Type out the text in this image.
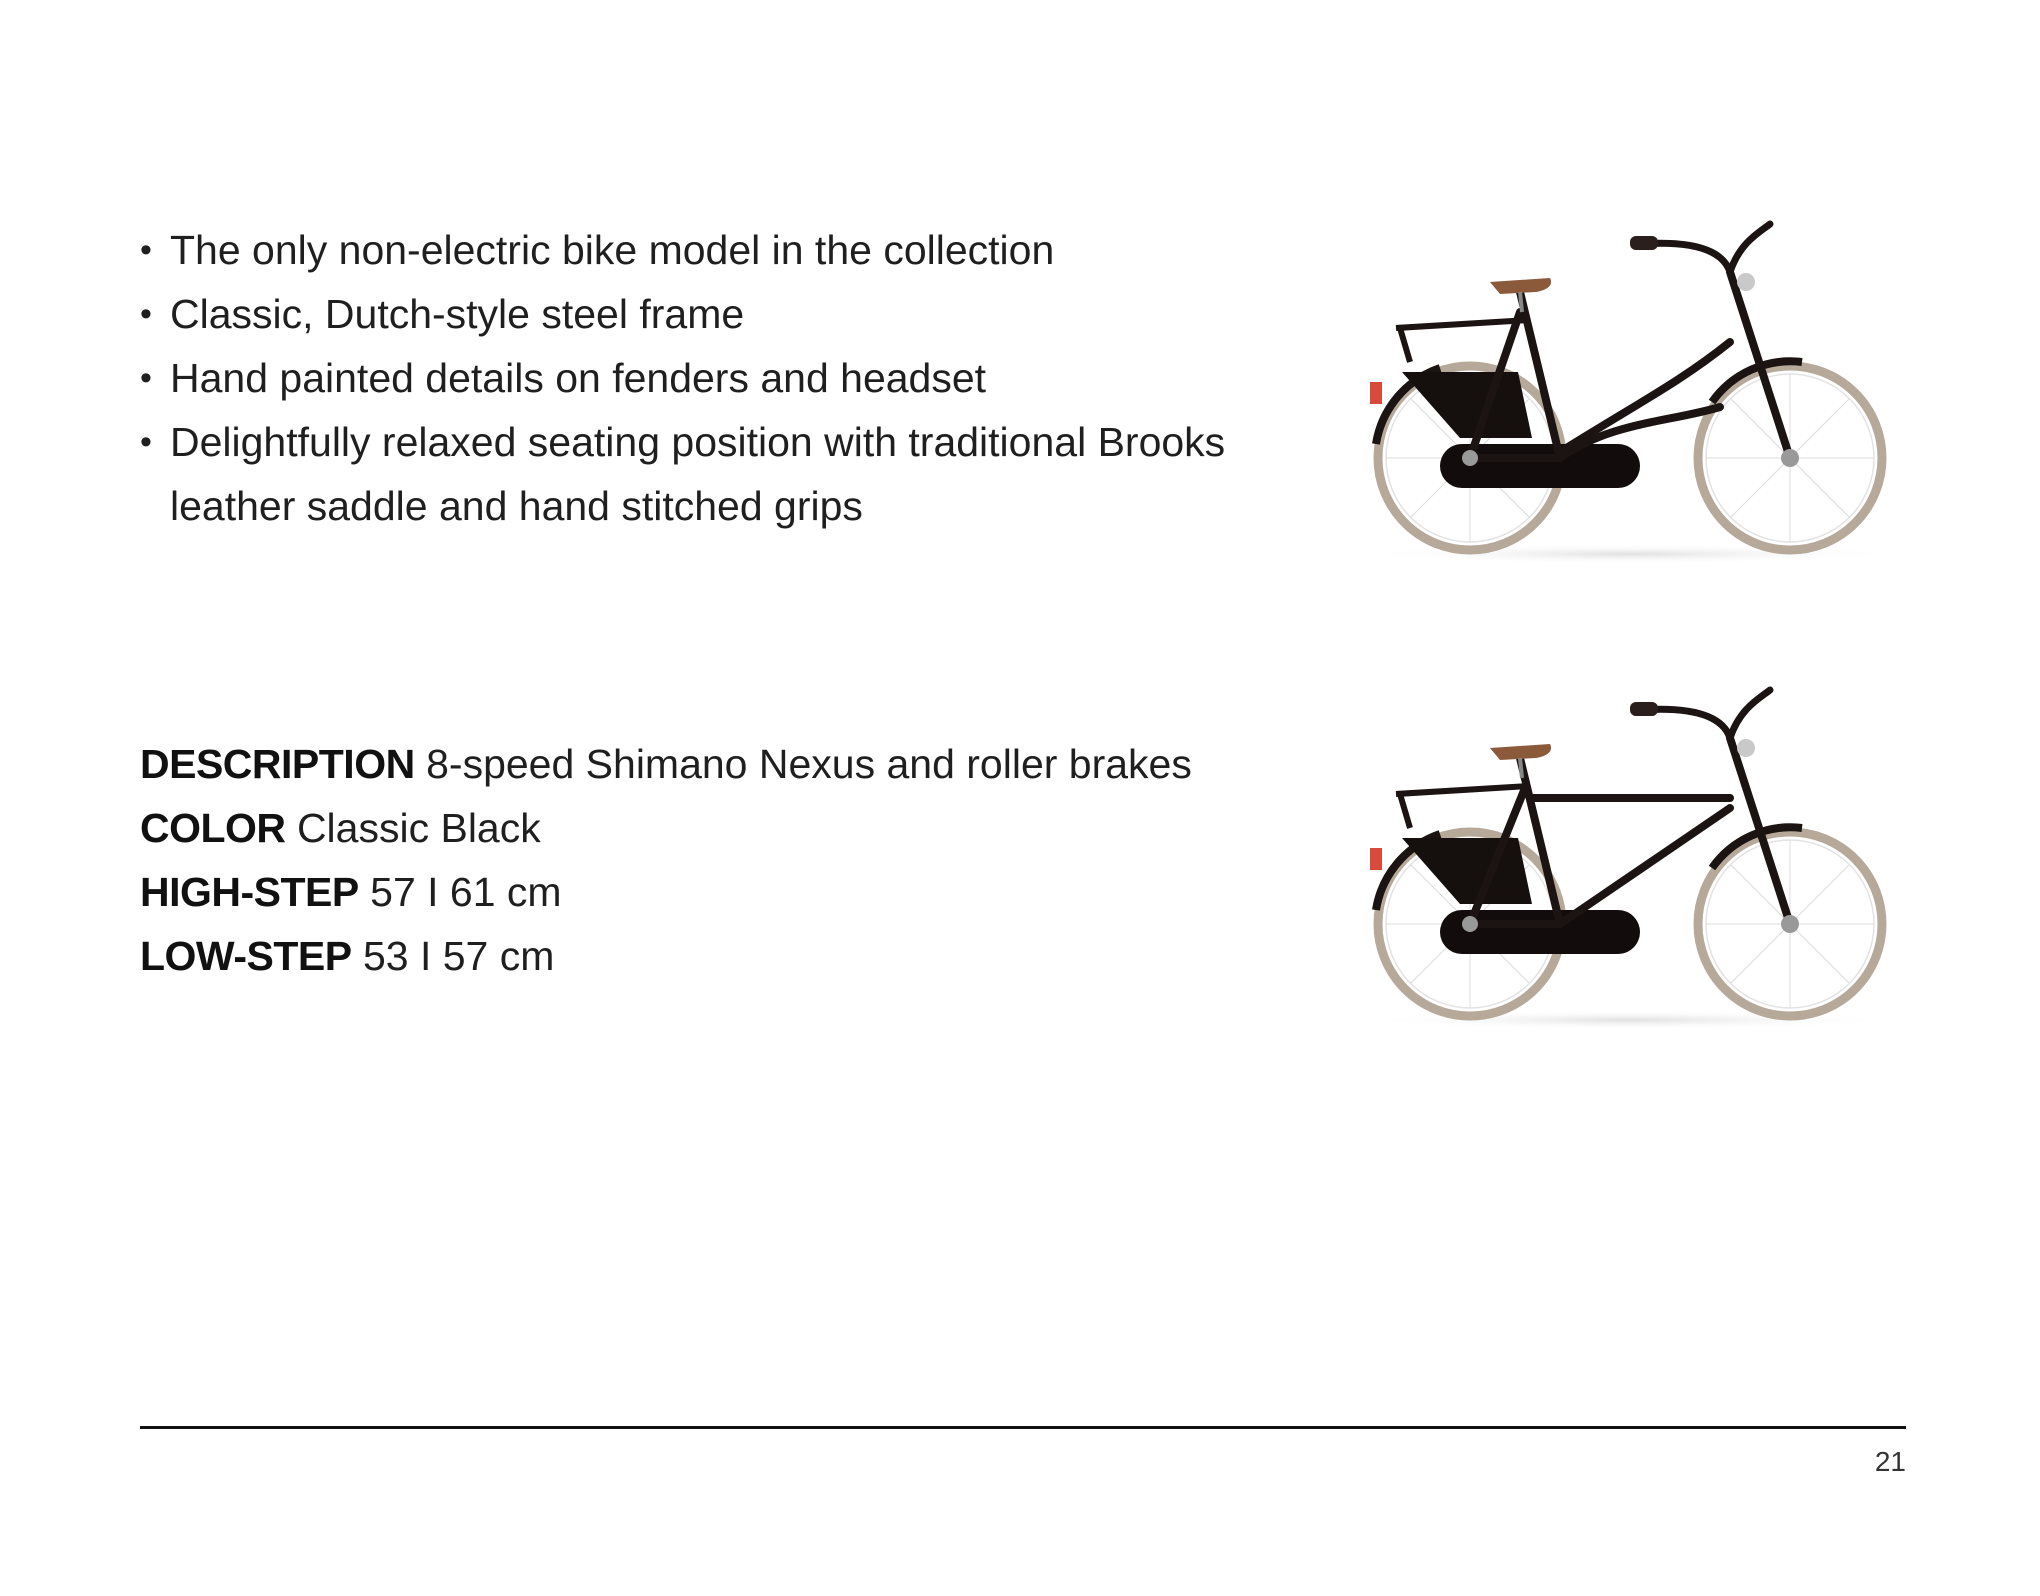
• The only non-electric bike model in the collection
• Classic, Dutch-style steel frame
• Hand painted details on fenders and headset
• Delightfully relaxed seating position with traditional Brooks leather saddle and hand stitched grips
DESCRIPTION 8-speed Shimano Nexus and roller brakes
COLOR Classic Black
HIGH-STEP 57 I 61 cm
LOW-STEP 53 I 57 cm
21
